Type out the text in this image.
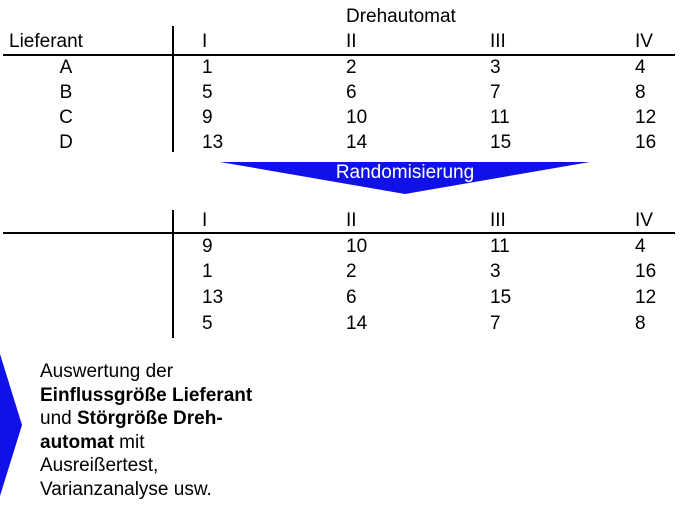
Drehautomat
Lieferant	I	II	III	IV
A	1	2	3	4
B	5	6	7	8
C	9	10	11	12
D	13	14	15	16
Randomisierung
I	II	III	IV
9	10	11	4
1	2	3	16
13	6	15	12
5	14	7	8
Auswertung der
Einflussgröße Lieferant
und Störgröße Dreh-
automat mit
Ausreißertest,
Varianzanalyse usw.
